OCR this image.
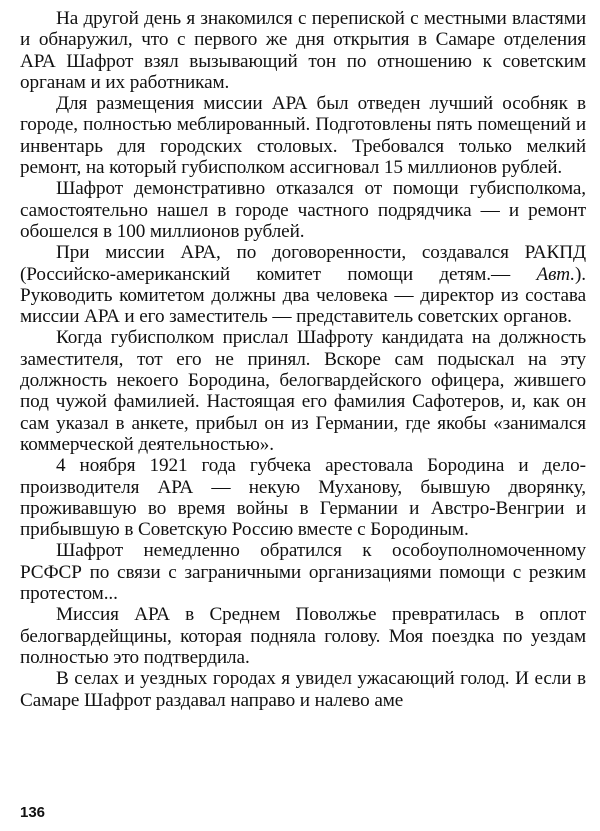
На другой день я знакомился с перепиской с местными властями и обнаружил, что с первого же дня открытия в Самаре отделения АРА Шафрот взял вызывающий тон по отношению к советским органам и их работникам.

Для размещения миссии АРА был отведен лучший особняк в городе, полностью меблированный. Подготовлены пять помещений и инвентарь для городских столовых. Требовался только мелкий ремонт, на который губисполком ассигновал 15 миллионов рублей.

Шафрот демонстративно отказался от помощи губисполкома, самостоятельно нашел в городе частного подрядчика — и ремонт обошелся в 100 миллионов рублей.

При миссии АРА, по договоренности, создавался РАКПД (Российско-американский комитет помощи детям.— Авт.). Руководить комитетом должны два человека — директор из состава миссии АРА и его заместитель — представитель советских органов.

Когда губисполком прислал Шафроту кандидата на должность заместителя, тот его не принял. Вскоре сам подыскал на эту должность некоего Бородина, белогвардейского офицера, жившего под чужой фамилией. Настоящая его фамилия Сафотеров, и, как он сам указал в анкете, прибыл он из Германии, где якобы «занимался коммерческой деятельностью».

4 ноября 1921 года губчека арестовала Бородина и делопроизводителя АРА — некую Муханову, бывшую дворянку, проживавшую во время войны в Германии и Австро-Венгрии и прибывшую в Советскую Россию вместе с Бородиным.

Шафрот немедленно обратился к особоуполномоченному РСФСР по связи с заграничными организациями помощи с резким протестом...

Миссия АРА в Среднем Поволжье превратилась в оплот белогвардейщины, которая подняла голову. Моя поездка по уездам полностью это подтвердила.

В селах и уездных городах я увидел ужасающий голод. И если в Самаре Шафрот раздавал направо и налево аме

136
